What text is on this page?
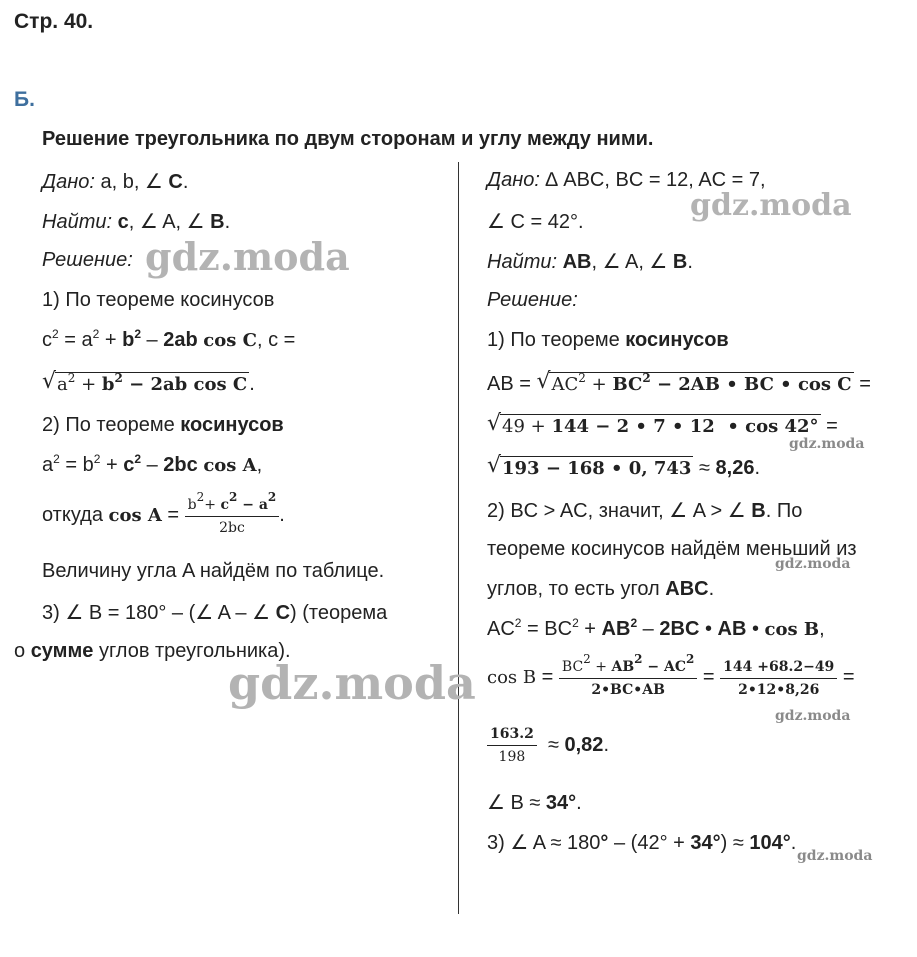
Стр. 40.
Б.
Решение треугольника по двум сторонам и углу между ними.
gdz.moda
gdz.moda
gdz.moda
gdz.moda
gdz.moda
gdz.moda
gdz.moda
Дано: a, b, ∠ C.
Найти: c, ∠ A, ∠ B.
Решение:
1) По теореме косинусов
$c^2 = a^2 + b^2 - 2ab$ cos C, c =
√ $a^2 + b^2 - 2ab$ cos C .
2) По теореме косинусов
$a^2 = b^2 + c^2 - 2bc$ cos A,
откуда $\cos A = \frac{b^2+ c^2 - a^2}{2bc}$ .
Величину угла A найдём по таблице.
3) ∠ B = 180° – (∠ A – ∠ C) (теорема
о сумме углов треугольника).
Дано: ∆ ABC, BC = 12, AC = 7,
∠ C = 42°.
Найти: AB, ∠ A, ∠ B.
Решение:
1) По теореме косинусов
AB = √ $AC^2 + BC^2 - 2AB$ • BC • cos C =
√ 49 + 144 − 2 • 7 • 12  • cos 42° =
√ 193 − 168 • 0, 743 ≈ 8,26.
2) BC > AC, значит, ∠ A > ∠ B. По
теореме косинусов найдём меньший из
углов, то есть угол ABC.
$AC^2 = BC^2 + AB^2 - 2BC$ • AB • cos B,
$\cos B = \frac{BC^2 + AB^2 - AC^2}{2•BC•AB} = \frac{144 +68.2-49}{2•12•8,26}$ =
$\frac{163.2}{198} \approx 0,82$.
∠ B ≈ 34°.
3) ∠ A ≈ 180° – (42° + 34°) ≈ 104°.
